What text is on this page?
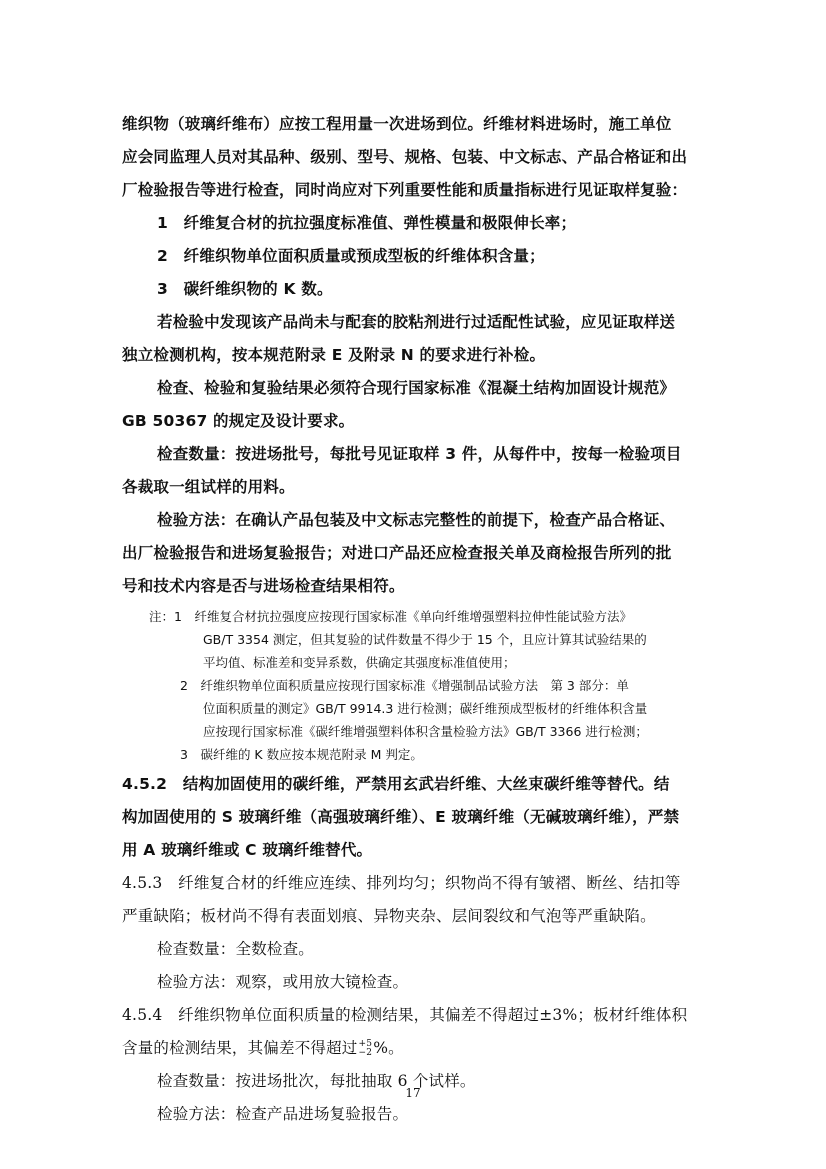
维织物（玻璃纤维布）应按工程用量一次进场到位。纤维材料进场时，施工单位
应会同监理人员对其品种、级别、型号、规格、包装、中文标志、产品合格证和出
厂检验报告等进行检查，同时尚应对下列重要性能和质量指标进行见证取样复验：
1　纤维复合材的抗拉强度标准值、弹性模量和极限伸长率；
2　纤维织物单位面积质量或预成型板的纤维体积含量；
3　碳纤维织物的 K 数。
若检验中发现该产品尚未与配套的胶粘剂进行过适配性试验，应见证取样送
独立检测机构，按本规范附录 E 及附录 N 的要求进行补检。
检查、检验和复验结果必须符合现行国家标准《混凝土结构加固设计规范》
GB 50367 的规定及设计要求。
检查数量：按进场批号，每批号见证取样 3 件，从每件中，按每一检验项目
各裁取一组试样的用料。
检验方法：在确认产品包装及中文标志完整性的前提下，检查产品合格证、
出厂检验报告和进场复验报告；对进口产品还应检查报关单及商检报告所列的批
号和技术内容是否与进场检查结果相符。
注：1　纤维复合材抗拉强度应按现行国家标准《单向纤维增强塑料拉伸性能试验方法》
GB/T 3354 测定，但其复验的试件数量不得少于 15 个，且应计算其试验结果的
平均值、标准差和变异系数，供确定其强度标准值使用；
2　纤维织物单位面积质量应按现行国家标准《增强制品试验方法　第 3 部分：单
位面积质量的测定》GB/T 9914.3 进行检测；碳纤维预成型板材的纤维体积含量
应按现行国家标准《碳纤维增强塑料体积含量检验方法》GB/T 3366 进行检测；
3　碳纤维的 K 数应按本规范附录 M 判定。
4.5.2　结构加固使用的碳纤维，严禁用玄武岩纤维、大丝束碳纤维等替代。结
构加固使用的 S 玻璃纤维（高强玻璃纤维）、E 玻璃纤维（无碱玻璃纤维），严禁
用 A 玻璃纤维或 C 玻璃纤维替代。
4.5.3　纤维复合材的纤维应连续、排列均匀；织物尚不得有皱褶、断丝、结扣等
严重缺陷；板材尚不得有表面划痕、异物夹杂、层间裂纹和气泡等严重缺陷。
检查数量：全数检查。
检验方法：观察，或用放大镜检查。
4.5.4　纤维织物单位面积质量的检测结果，其偏差不得超过±3%；板材纤维体积
含量的检测结果，其偏差不得超过 +5
−2 %。
检查数量：按进场批次，每批抽取 6 个试样。
检验方法：检查产品进场复验报告。
17
